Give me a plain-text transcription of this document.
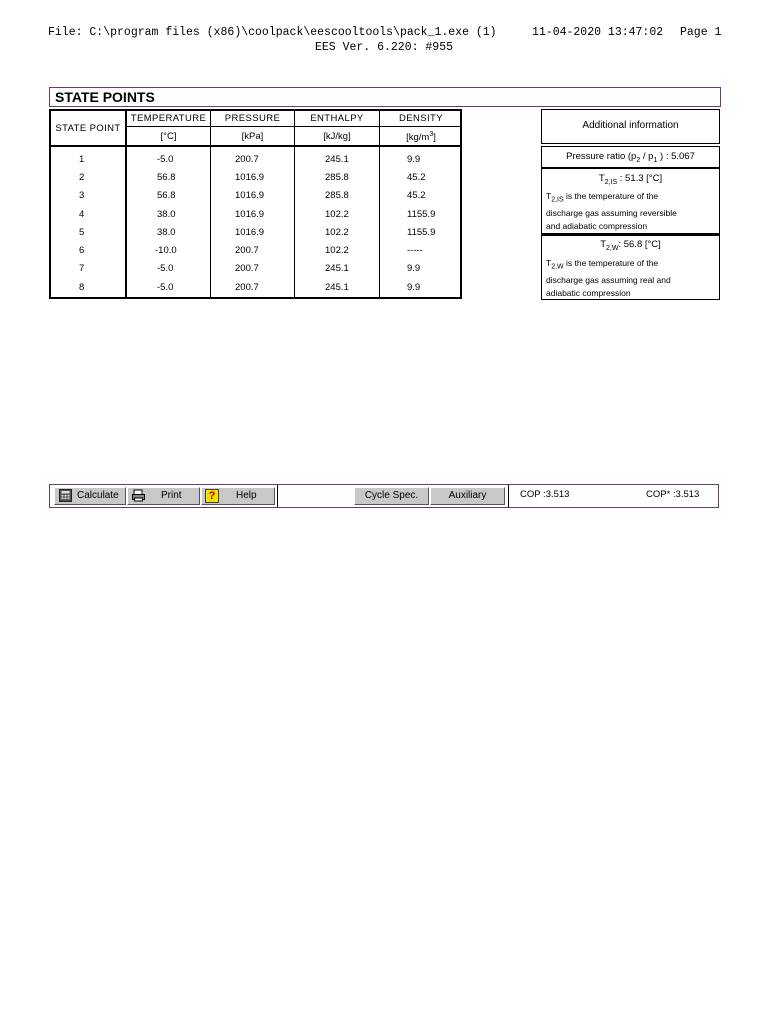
File: C:\program files (x86)\coolpack\eescooltools\pack_1.exe (1)	11-04-2020 13:47:02 Page 1
EES Ver. 6.220: #955
STATE POINTS
STATE POINT
TEMPERATURE	PRESSURE	ENTHALPY	DENSITY
[°C]	[kPa]	[kJ/kg]	$[kg/m^3]$
1	-5.0	200.7	245.1	9.9
2	56.8	1016.9	285.8	45.2
3	56.8	1016.9	285.8	45.2
4	38.0	1016.9	102.2	1155.9
5	38.0	1016.9	102.2	1155.9
6	-10.0	200.7	102.2	-----
7	-5.0	200.7	245.1	9.9
8	-5.0	200.7	245.1	9.9
Additional information
Pressure ratio ($p_2 / p_1$ ) : 5.067
$T_{2,IS}$ : 51.3 [°C]
$T_{2,IS}$ is the temperature of the
discharge gas assuming reversible
and adiabatic compression
$T_{2,W}$: 56.8 [°C]
$T_{2,W}$ is the temperature of the
discharge gas assuming real and
adiabatic compression
Calculate	Print	?	Help	Cycle Spec.	Auxiliary	COP :3.513	COP* :3.513
